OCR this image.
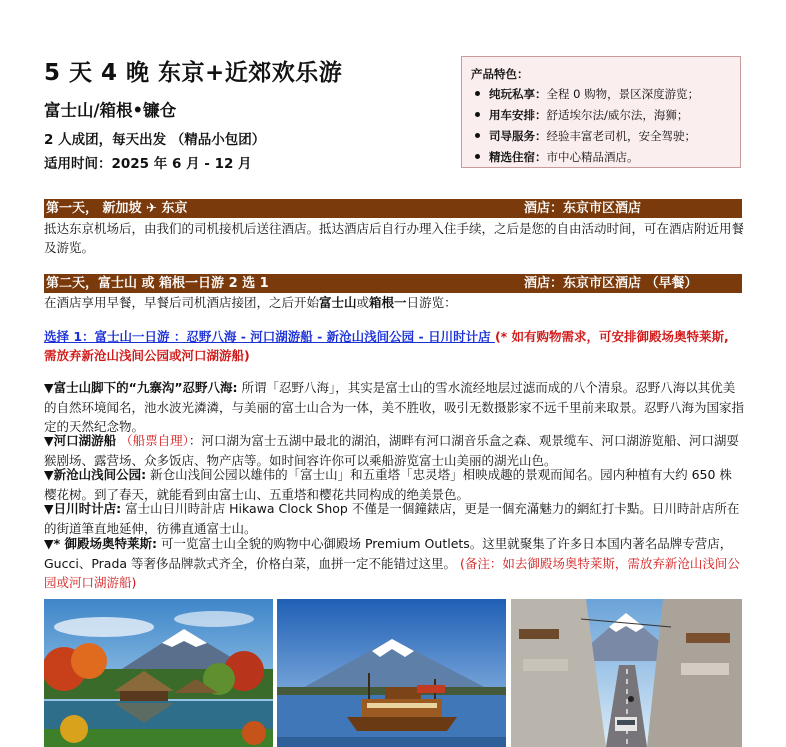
5 天 4 晚 东京+近郊欢乐游
富士山/箱根•镰仓
2 人成团，每天出发 （精品小包团）
适用时间：2025 年 6 月 - 12 月
产品特色：
纯玩私享：全程 0 购物，景区深度游览；
用车安排：舒适埃尔法/威尔法，海狮；
司导服务：经验丰富老司机，安全驾驶；
精选住宿：市中心精品酒店。
第一天， 新加坡 ✈ 东京	酒店：东京市区酒店
抵达东京机场后，由我们的司机接机后送往酒店。抵达酒店后自行办理入住手续，之后是您的自由活动时间，可在酒店附近用餐及游览。
第二天，富士山 或 箱根一日游 2 选 1	酒店：东京市区酒店 （早餐）
在酒店享用早餐，早餐后司机酒店接团，之后开始富士山或箱根一日游览：
选择 1：富士山一日游 ：忍野八海 - 河口湖游船 - 新沧山浅间公园 - 日川时计店 (* 如有购物需求，可安排御殿场奥特莱斯, 需放弃新沧山浅间公园或河口湖游船)
▼富士山脚下的“九寨沟”忍野八海: 所谓「忍野八海」，其实是富士山的雪水流经地层过滤而成的八个清泉。忍野八海以其优美的自然环境闻名，池水波光潾潾，与美丽的富士山合为一体，美不胜收，吸引无数摄影家不远千里前来取景。忍野八海为国家指定的天然纪念物。
▼河口湖游船 （船票自理）：河口湖为富士五湖中最北的湖泊，湖畔有河口湖音乐盒之森、观景缆车、河口湖游览船、河口湖耍猴剧场、露营场、众多饭店、物产店等。如时间容许你可以乘船游览富士山美丽的湖光山色。
▼新沧山浅间公园: 新仓山浅间公园以雄伟的「富士山」和五重塔「忠灵塔」相映成趣的景观而闻名。园内种植有大约 650 株樱花树。到了春天，就能看到由富士山、五重塔和樱花共同构成的绝美景色。
▼日川时计店: 富士山日川時計店 Hikawa Clock Shop 不僅是一個鐘錶店，更是一個充滿魅力的網紅打卡點。日川時計店所在的街道筆直地延伸，彷彿直通富士山。
▼* 御殿场奥特莱斯: 可一览富士山全貌的购物中心御殿场 Premium Outlets。这里就聚集了许多日本国内著名品牌专营店，Gucci、Prada 等奢侈品牌款式齐全，价格白菜，血拼一定不能错过这里。 (备注：如去御殿场奥特莱斯，需放弃新沧山浅间公园或河口湖游船)
